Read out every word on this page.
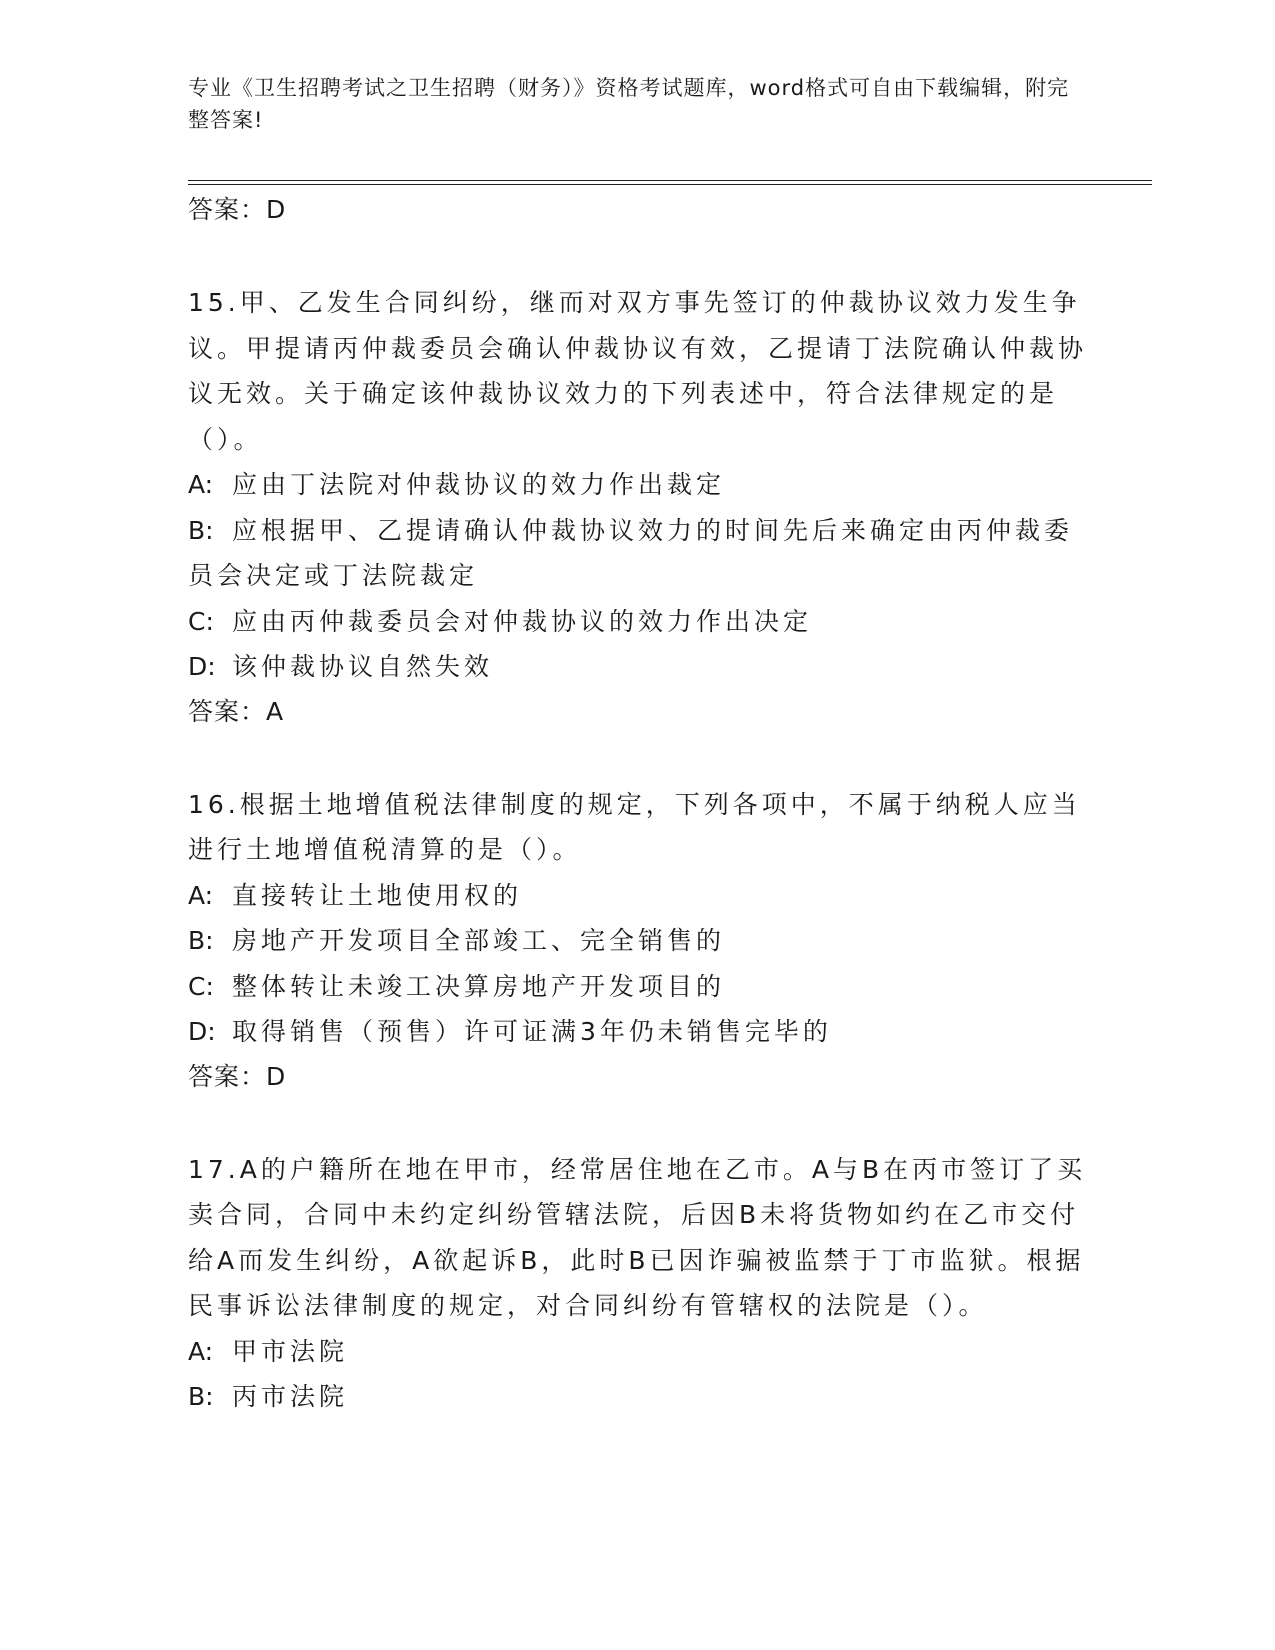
专业《卫生招聘考试之卫生招聘（财务）》资格考试题库，word格式可自由下载编辑，附完整答案!
答案：D
15.甲、乙发生合同纠纷，继而对双方事先签订的仲裁协议效力发生争议。甲提请丙仲裁委员会确认仲裁协议有效，乙提请丁法院确认仲裁协议无效。关于确定该仲裁协议效力的下列表述中，符合法律规定的是（）。
A: 应由丁法院对仲裁协议的效力作出裁定
B: 应根据甲、乙提请确认仲裁协议效力的时间先后来确定由丙仲裁委员会决定或丁法院裁定
C: 应由丙仲裁委员会对仲裁协议的效力作出决定
D: 该仲裁协议自然失效
答案：A
16.根据土地增值税法律制度的规定，下列各项中，不属于纳税人应当进行土地增值税清算的是（）。
A: 直接转让土地使用权的
B: 房地产开发项目全部竣工、完全销售的
C: 整体转让未竣工决算房地产开发项目的
D: 取得销售（预售）许可证满3年仍未销售完毕的
答案：D
17.A的户籍所在地在甲市，经常居住地在乙市。A与B在丙市签订了买卖合同，合同中未约定纠纷管辖法院，后因B未将货物如约在乙市交付给A而发生纠纷，A欲起诉B，此时B已因诈骗被监禁于丁市监狱。根据民事诉讼法律制度的规定，对合同纠纷有管辖权的法院是（）。
A: 甲市法院
B: 丙市法院
